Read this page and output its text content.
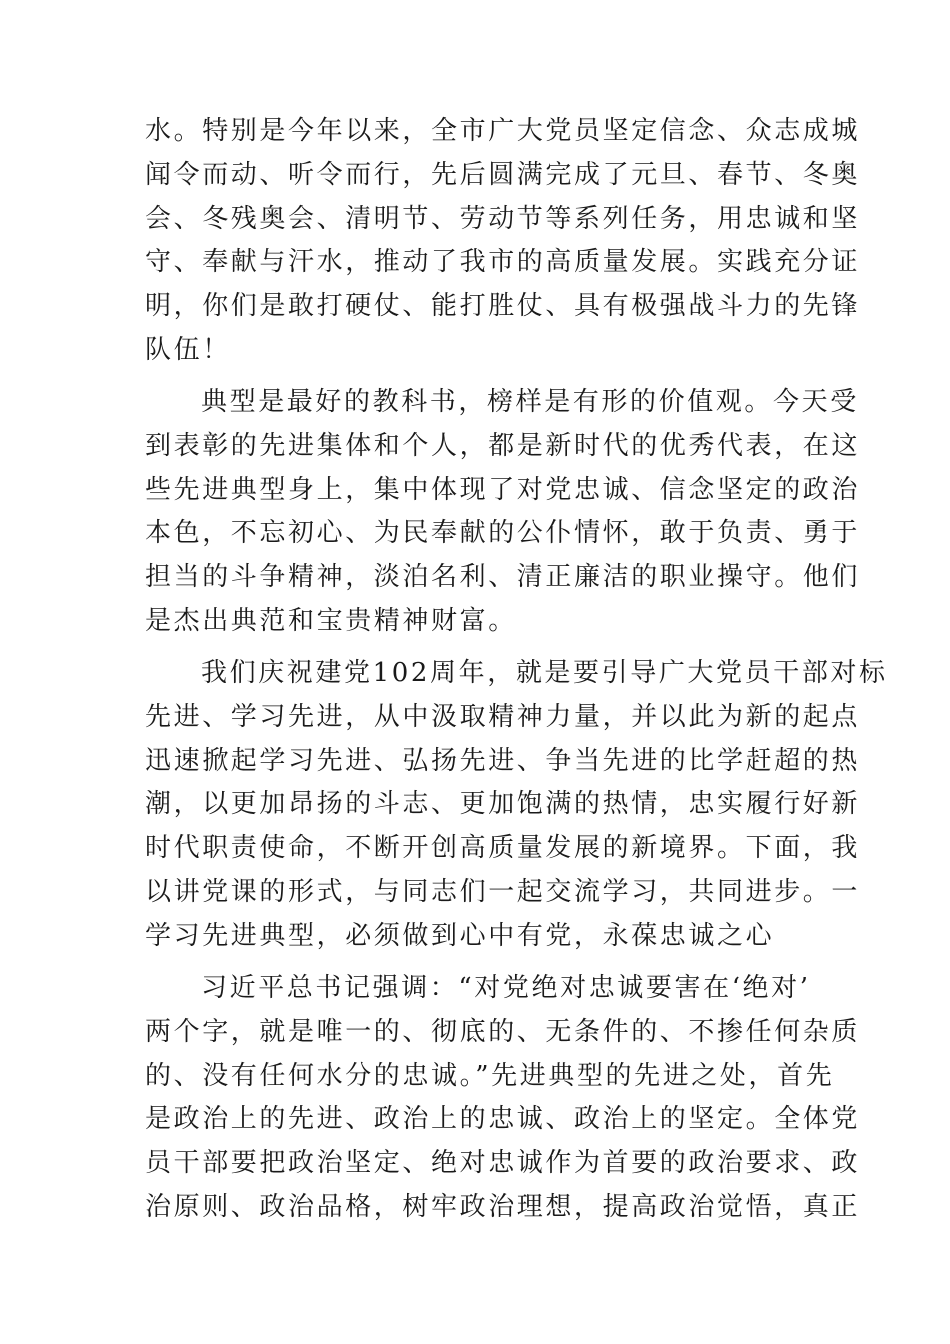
水。特别是今年以来，全市广大党员坚定信念、众志成城
闻令而动、听令而行，先后圆满完成了元旦、春节、冬奥
会、冬残奥会、清明节、劳动节等系列任务，用忠诚和坚
守、奉献与汗水，推动了我市的高质量发展。实践充分证
明，你们是敢打硬仗、能打胜仗、具有极强战斗力的先锋
队伍！
典型是最好的教科书，榜样是有形的价值观。今天受
到表彰的先进集体和个人，都是新时代的优秀代表，在这
些先进典型身上，集中体现了对党忠诚、信念坚定的政治
本色，不忘初心、为民奉献的公仆情怀，敢于负责、勇于
担当的斗争精神，淡泊名利、清正廉洁的职业操守。他们
是杰出典范和宝贵精神财富。
我们庆祝建党102周年，就是要引导广大党员干部对标
先进、学习先进，从中汲取精神力量，并以此为新的起点
迅速掀起学习先进、弘扬先进、争当先进的比学赶超的热
潮，以更加昂扬的斗志、更加饱满的热情，忠实履行好新
时代职责使命，不断开创高质量发展的新境界。下面，我
以讲党课的形式，与同志们一起交流学习，共同进步。一
学习先进典型，必须做到心中有党，永葆忠诚之心
习近平总书记强调：“对党绝对忠诚要害在‘绝对’
两个字，就是唯一的、彻底的、无条件的、不掺任何杂质
的、没有任何水分的忠诚。”先进典型的先进之处，首先
是政治上的先进、政治上的忠诚、政治上的坚定。全体党
员干部要把政治坚定、绝对忠诚作为首要的政治要求、政
治原则、政治品格，树牢政治理想，提高政治觉悟，真正
